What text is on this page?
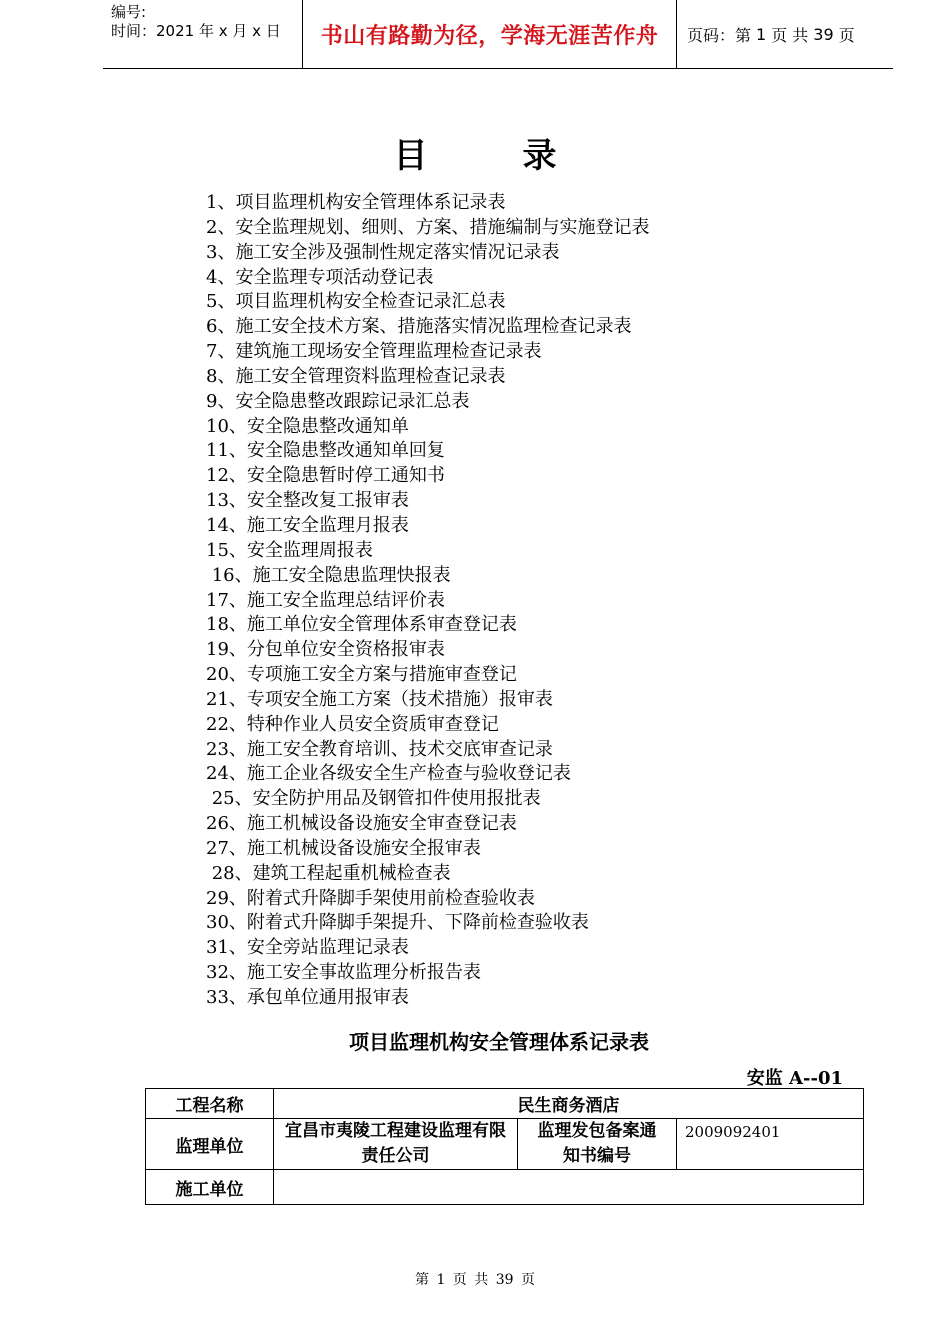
编号:
时间：2021 年 x 月 x 日	书山有路勤为径，学海无涯苦作舟 页码：第 1 页 共 39 页
目录
1、项目监理机构安全管理体系记录表
2、安全监理规划、细则、方案、措施编制与实施登记表
3、施工安全涉及强制性规定落实情况记录表
4、安全监理专项活动登记表
5、项目监理机构安全检查记录汇总表
6、施工安全技术方案、措施落实情况监理检查记录表
7、建筑施工现场安全管理监理检查记录表
8、施工安全管理资料监理检查记录表
9、安全隐患整改跟踪记录汇总表
10、安全隐患整改通知单
11、安全隐患整改通知单回复
12、安全隐患暂时停工通知书
13、安全整改复工报审表
14、施工安全监理月报表
15、安全监理周报表
16、施工安全隐患监理快报表
17、施工安全监理总结评价表
18、施工单位安全管理体系审查登记表
19、分包单位安全资格报审表
20、专项施工安全方案与措施审查登记
21、专项安全施工方案（技术措施）报审表
22、特种作业人员安全资质审查登记
23、施工安全教育培训、技术交底审查记录
24、施工企业各级安全生产检查与验收登记表
25、安全防护用品及钢管扣件使用报批表
26、施工机械设备设施安全审查登记表
27、施工机械设备设施安全报审表
28、建筑工程起重机械检查表
29、附着式升降脚手架使用前检查验收表
30、附着式升降脚手架提升、下降前检查验收表
31、安全旁站监理记录表
32、施工安全事故监理分析报告表
33、承包单位通用报审表
项目监理机构安全管理体系记录表
安监 A--01
工程名称	民生商务酒店		
监理单位	宜昌市夷陵工程建设监理有限责任公司	监理发包备案通知书编号	2009092401
施工单位			
第 1 页 共 39 页
